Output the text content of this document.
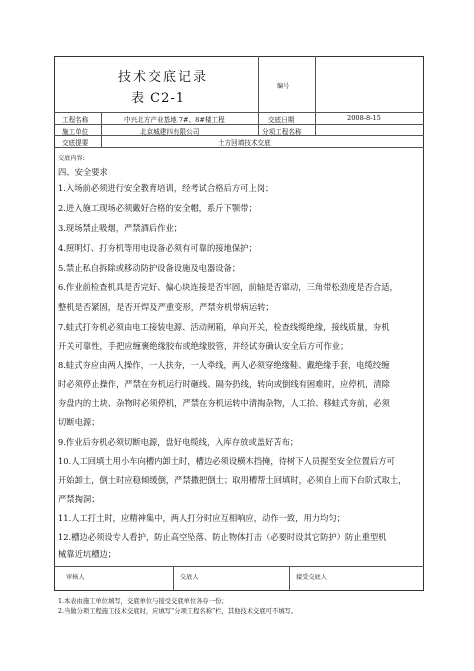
技术交底记录
表 C2-1
编号
工程名称	中兴北方产业基地 7#、8#楼工程	交底日期	2008-8-15
施工单位	北京城建四有限公司	分项工程名称
交底提要	土方回填技术交底
交底内容:
四、安全要求
1.入场前必须进行安全教育培训，经考试合格后方可上岗；
2.进入施工现场必须戴好合格的安全帽，系斤下颚带；
3.现场禁止吸烟，严禁酒后作业；
4.照明灯、打夯机等用电设备必须有可靠的接地保护；
5.禁止私自拆除或移动防护设备设施及电器设备；
6.作业前检查机具是否完好、偏心块连接是否牢固，前轴是否窜动，三角带松劲度是否合适，
整机是否紧固，是否开焊及严重变形，严禁夯机带病运转；
7.蛙式打夯机必须由电工接装电源、活动闸箱，单向开关，检查线缆绝缘，接线质量，夯机
开关可靠性，手把应缠裹绝缘胶布或绝缘胶管，并经试夯确认安全后方可作业；
8.蛙式夯应由两人操作，一人扶夯，一人牵线，两人必须穿绝缘鞋、戴绝缘手套，电缆绞缠
时必须停止操作，严禁在夯机运行时砸线、隔夯扔线，转向或倒线有困难时，应停机，清除
夯盘内的土块、杂物时必须停机，严禁在夯机运转中清掏杂物，人工抬、移蛙式夯前，必须
切断电源；
9.作业后夯机必须切断电源，盘好电缆线，入库存放或盖好苫布；
10.人工回填土用小车向槽内卸土时，槽边必须设横木挡掩，待树下人员握至安全位置后方可
开始卸土，倒土时应稳倾缓倒，严禁撒把倒土；取用槽帮土回填时，必须自上而下台阶式取土，
严禁掏洞；
11.人工打土时，应精神集中，两人打分时应互相响应，动作一致，用力均匀；
12.槽边必须设专人看护，防止高空坠落、防止物体打击（必要时设其它防护）防止重型机
械靠近坑槽边；
审核人	交底人	接受交底人
1.本表由施工单位填写，交底单位与接受交底单位各存一份；
2.当做分项工程施工技术交底时，应填写“分项工程名称”栏，其他技术交底可不填写。
